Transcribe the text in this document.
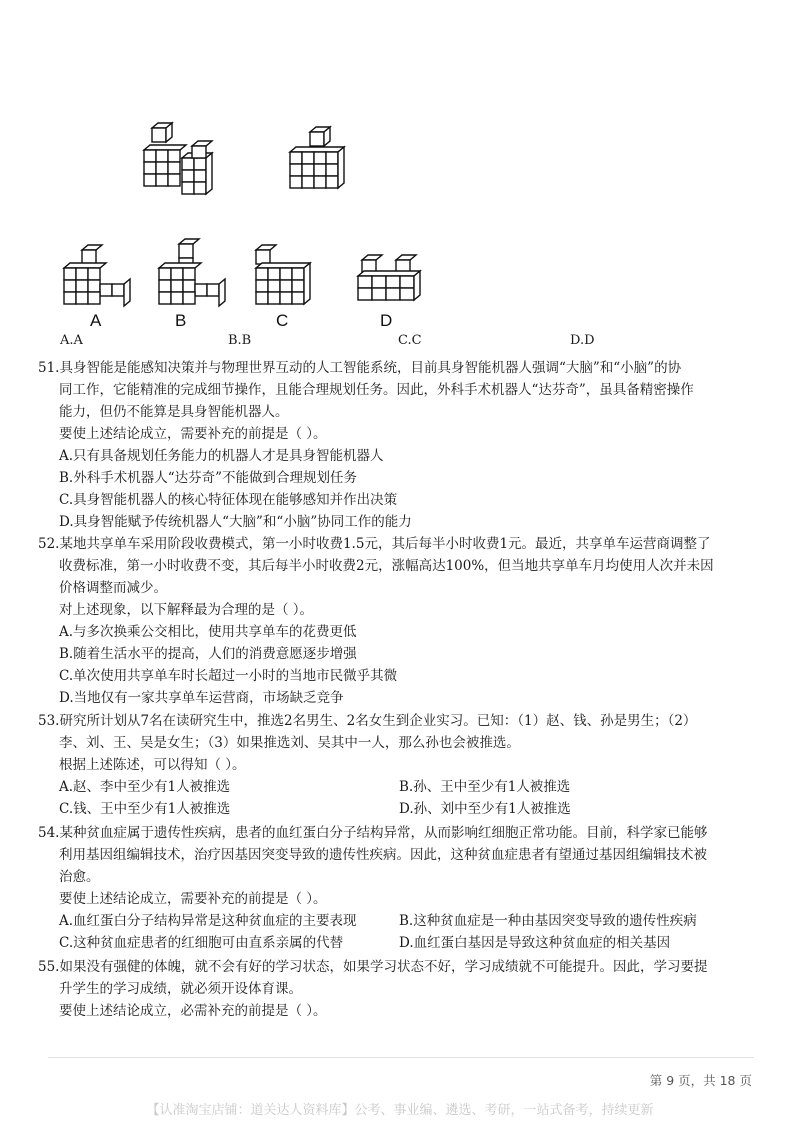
A	B	C	D
A.A	B.B	C.C	D.D
51.具身智能是能感知决策并与物理世界互动的人工智能系统，目前具身智能机器人强调“大脑”和“小脑”的协
同工作，它能精准的完成细节操作，且能合理规划任务。因此，外科手术机器人“达芬奇”，虽具备精密操作
能力，但仍不能算是具身智能机器人。
要使上述结论成立，需要补充的前提是（ ）。
A.只有具备规划任务能力的机器人才是具身智能机器人
B.外科手术机器人“达芬奇”不能做到合理规划任务
C.具身智能机器人的核心特征体现在能够感知并作出决策
D.具身智能赋予传统机器人“大脑”和“小脑”协同工作的能力
52.某地共享单车采用阶段收费模式，第一小时收费1.5元，其后每半小时收费1元。最近，共享单车运营商调整了
收费标准，第一小时收费不变，其后每半小时收费2元，涨幅高达100%，但当地共享单车月均使用人次并未因
价格调整而减少。
对上述现象，以下解释最为合理的是（ ）。
A.与多次换乘公交相比，使用共享单车的花费更低
B.随着生活水平的提高，人们的消费意愿逐步增强
C.单次使用共享单车时长超过一小时的当地市民微乎其微
D.当地仅有一家共享单车运营商，市场缺乏竞争
53.研究所计划从7名在读研究生中，推选2名男生、2名女生到企业实习。已知：（1）赵、钱、孙是男生；（2）
李、刘、王、吴是女生；（3）如果推选刘、吴其中一人，那么孙也会被推选。
根据上述陈述，可以得知（ ）。
A.赵、李中至少有1人被推选	B.孙、王中至少有1人被推选
C.钱、王中至少有1人被推选	D.孙、刘中至少有1人被推选
54.某种贫血症属于遗传性疾病，患者的血红蛋白分子结构异常，从而影响红细胞正常功能。目前，科学家已能够
利用基因组编辑技术，治疗因基因突变导致的遗传性疾病。因此，这种贫血症患者有望通过基因组编辑技术被
治愈。
要使上述结论成立，需要补充的前提是（ ）。
A.血红蛋白分子结构异常是这种贫血症的主要表现	B.这种贫血症是一种由基因突变导致的遗传性疾病
C.这种贫血症患者的红细胞可由直系亲属的代替	D.血红蛋白基因是导致这种贫血症的相关基因
55.如果没有强健的体魄，就不会有好的学习状态，如果学习状态不好，学习成绩就不可能提升。因此，学习要提
升学生的学习成绩，就必须开设体育课。
要使上述结论成立，必需补充的前提是（ ）。
第 9 页，共 18 页
【认准淘宝店铺：道关达人资料库】公考、事业编、遴选、考研，一站式备考，持续更新
